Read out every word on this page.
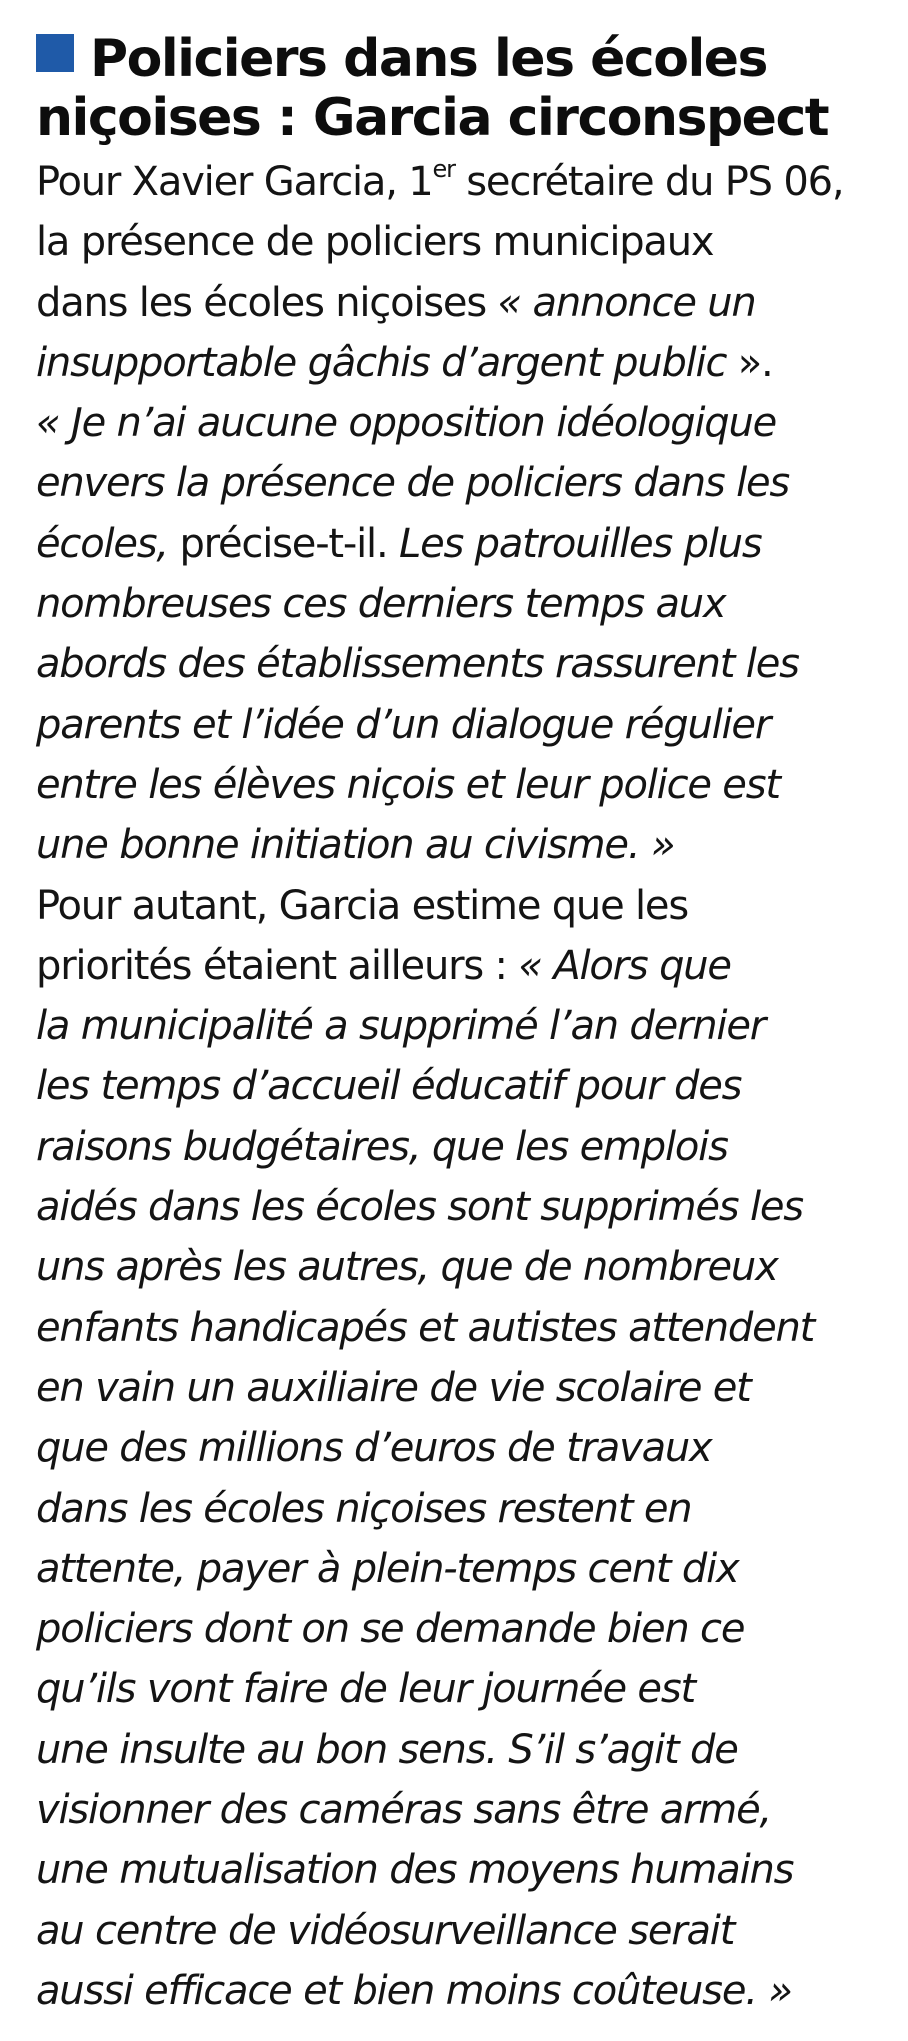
Policiers dans les écoles
niçoises : Garcia circonspect
Pour Xavier Garcia, 1er secrétaire du PS 06,
la présence de policiers municipaux
dans les écoles niçoises « annonce un
insupportable gâchis d’argent public ».
« Je n’ai aucune opposition idéologique
envers la présence de policiers dans les
écoles, précise-t-il. Les patrouilles plus
nombreuses ces derniers temps aux
abords des établissements rassurent les
parents et l’idée d’un dialogue régulier
entre les élèves niçois et leur police est
une bonne initiation au civisme. »
Pour autant, Garcia estime que les
priorités étaient ailleurs : « Alors que
la municipalité a supprimé l’an dernier
les temps d’accueil éducatif pour des
raisons budgétaires, que les emplois
aidés dans les écoles sont supprimés les
uns après les autres, que de nombreux
enfants handicapés et autistes attendent
en vain un auxiliaire de vie scolaire et
que des millions d’euros de travaux
dans les écoles niçoises restent en
attente, payer à plein-temps cent dix
policiers dont on se demande bien ce
qu’ils vont faire de leur journée est
une insulte au bon sens. S’il s’agit de
visionner des caméras sans être armé,
une mutualisation des moyens humains
au centre de vidéosurveillance serait
aussi efficace et bien moins coûteuse. »
